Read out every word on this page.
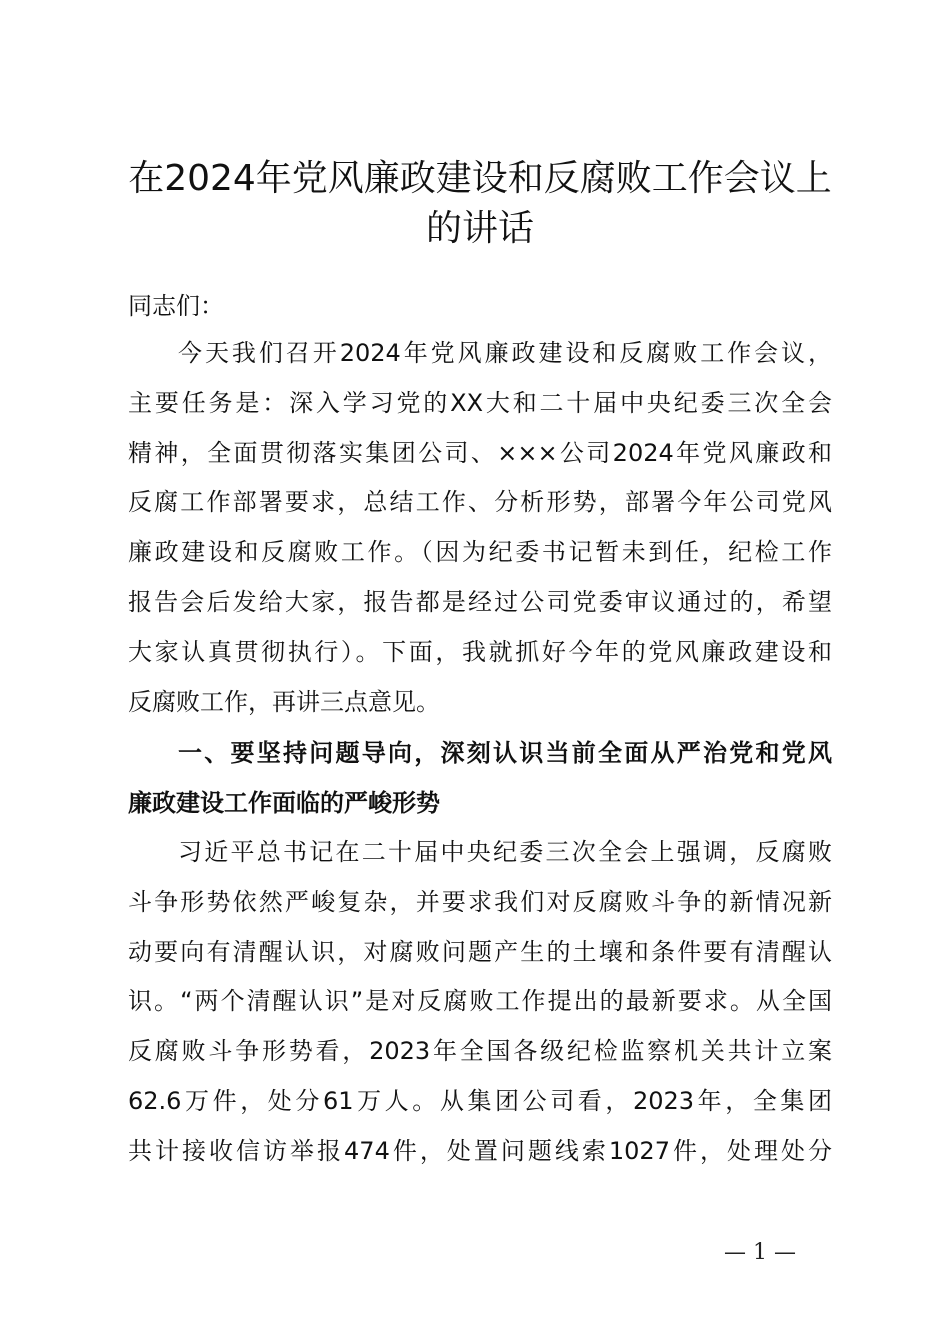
在2024年党风廉政建设和反腐败工作会议上
的讲话

同志们：

今天我们召开2024年党风廉政建设和反腐败工作会议，
主要任务是：深入学习党的XX大和二十届中央纪委三次全会
精神，全面贯彻落实集团公司、×××公司2024年党风廉政和
反腐工作部署要求，总结工作、分析形势，部署今年公司党风
廉政建设和反腐败工作。（因为纪委书记暂未到任，纪检工作
报告会后发给大家，报告都是经过公司党委审议通过的，希望
大家认真贯彻执行）。下面，我就抓好今年的党风廉政建设和
反腐败工作，再讲三点意见。

一、要坚持问题导向，深刻认识当前全面从严治党和党风
廉政建设工作面临的严峻形势

习近平总书记在二十届中央纪委三次全会上强调，反腐败
斗争形势依然严峻复杂，并要求我们对反腐败斗争的新情况新
动要向有清醒认识，对腐败问题产生的土壤和条件要有清醒认
识。“两个清醒认识”是对反腐败工作提出的最新要求。从全国
反腐败斗争形势看，2023年全国各级纪检监察机关共计立案
62.6万件，处分61万人。从集团公司看，2023年，全集团
共计接收信访举报474件，处置问题线索1027件，处理处分

— 1 —
